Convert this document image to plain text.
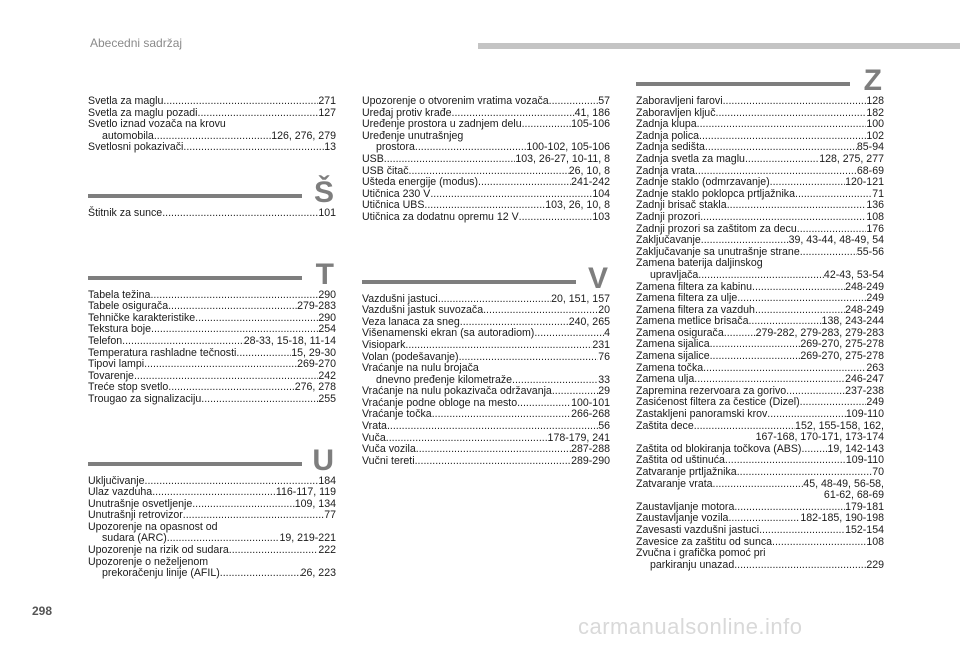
Abecedni sadržaj
Svetla za maglu .....	271
Svetla za maglu pozadi .....	127
Svetlo iznad vozača na krovu
automobila .....	126, 276, 279
Svetlosni pokazivači .....	13
Š
Štitnik za sunce .....	101
T
Tabela težina .....	290
Tabele osigurača .....	279-283
Tehničke karakteristike .....	290
Tekstura boje .....	254
Telefon .....	28-33, 15-18, 11-14
Temperatura rashladne tečnosti .....	15, 29-30
Tipovi lampi .....	269-270
Tovarenje .....	242
Treće stop svetlo .....	276, 278
Trougao za signalizaciju .....	255
U
Uključivanje .....	184
Ulaz vazduha .....	116-117, 119
Unutrašnje osvetljenje .....	109, 134
Unutrašnji retrovizor .....	77
Upozorenje na opasnost od
sudara (ARC) .....	19, 219-221
Upozorenje na rizik od sudara .....	222
Upozorenje o neželjenom
prekoračenju linije (AFIL) .....	26, 223
Upozorenje o otvorenim vratima vozača .....	57
Uređaj protiv krađe .....	41, 186
Uređenje prostora u zadnjem delu .....	105-106
Uređenje unutrašnjeg
prostora .....	100-102, 105-106
USB .....	103, 26-27, 10-11, 8
USB čitač .....	26, 10, 8
Ušteda energije (modus) .....	241-242
Utičnica 230 V .....	104
Utičnica UBS .....	103, 26, 10, 8
Utičnica za dodatnu opremu 12 V .....	103
V
Vazdušni jastuci .....	20, 151, 157
Vazdušni jastuk suvozača .....	20
Veza lanaca za sneg .....	240, 265
Višenamenski ekran (sa autoradiom) .....	4
Visiopark .....	231
Volan (podešavanje) .....	76
Vraćanje na nulu brojača
dnevno pređenje kilometraže .....	33
Vraćanje na nulu pokazivača održavanja .....	29
Vraćanje podne obloge na mesto .....	100-101
Vraćanje točka .....	266-268
Vrata .....	56
Vuča .....	178-179, 241
Vuča vozila .....	287-288
Vučni tereti .....	289-290
Z
Zaboravljeni farovi .....	128
Zaboravljen ključ .....	182
Zadnja klupa .....	100
Zadnja polica .....	102
Zadnja sedišta .....	85-94
Zadnja svetla za maglu .....	128, 275, 277
Zadnja vrata .....	68-69
Zadnje staklo (odmrzavanje) .....	120-121
Zadnje staklo poklopca prtljažnika .....	71
Zadnji brisač stakla .....	136
Zadnji prozori .....	108
Zadnji prozori sa zaštitom za decu .....	176
Zaključavanje .....	39, 43-44, 48-49, 54
Zaključavanje sa unutrašnje strane .....	55-56
Zamena baterija daljinskog
upravljača .....	42-43, 53-54
Zamena filtera za kabinu .....	248-249
Zamena filtera za ulje .....	249
Zamena filtera za vazduh .....	248-249
Zamena metlice brisača .....	138, 243-244
Zamena osigurača .....	279-282, 279-283, 279-283
Zamena sijalica .....	269-270, 275-278
Zamena sijalice .....	269-270, 275-278
Zamena točka .....	263
Zamena ulja .....	246-247
Zapremina rezervoara za gorivo .....	237-238
Zasićenost filtera za čestice (Dizel) .....	249
Zastakljeni panoramski krov .....	109-110
Zaštita dece .....	152, 155-158, 162,
167-168, 170-171, 173-174
Zaštita od blokiranja točkova (ABS) ..... 19, 142-143
Zaštita od uštinuća .....	109-110
Zatvaranje prtljažnika .....	70
Zatvaranje vrata .....	45, 48-49, 56-58,
61-62, 68-69
Zaustavljanje motora .....	179-181
Zaustavljanje vozila .....	182-185, 190-198
Zavesasti vazdušni jastuci .....	152-154
Zavesice za zaštitu od sunca .....	108
Zvučna i grafička pomoć pri
parkiranju unazad .....	229
298
carmanualsonline.info
